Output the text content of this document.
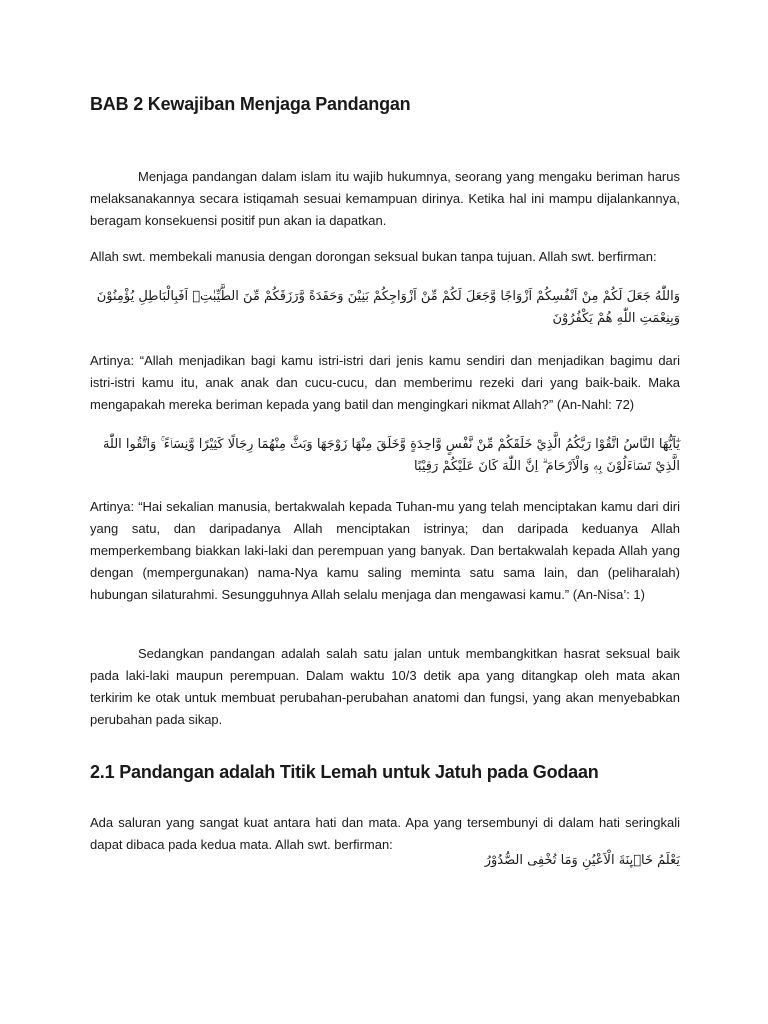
BAB 2 Kewajiban Menjaga Pandangan

Menjaga pandangan dalam islam itu wajib hukumnya, seorang yang mengaku beriman harus melaksanakannya secara istiqamah sesuai kemampuan dirinya. Ketika hal ini mampu dijalankannya, beragam konsekuensi positif pun akan ia dapatkan.

Allah swt. membekali manusia dengan dorongan seksual bukan tanpa tujuan. Allah swt. berfirman:

وَاللّٰهُ جَعَلَ لَكُمْ مِنْ اَنْفُسِكُمْ اَزْوَاجًا وَّجَعَلَ لَكُمْ مِّنْ اَزْوَاجِكُمْ بَنِيْنَ وَحَفَدَةً وَّرَزَقَكُمْ مِّنَ الطَّيِّبٰتِۗ اَفَبِالْبَاطِلِ يُؤْمِنُوْنَ وَبِنِعْمَتِ اللّٰهِ هُمْ يَكْفُرُوْنَ

Artinya: “Allah menjadikan bagi kamu istri-istri dari jenis kamu sendiri dan menjadikan bagimu dari istri-istri kamu itu, anak anak dan cucu-cucu, dan memberimu rezeki dari yang baik-baik. Maka mengapakah mereka beriman kepada yang batil dan mengingkari nikmat Allah?” (An-Nahl: 72)

يٰٓاَيُّهَا النَّاسُ اتَّقُوْا رَبَّكُمُ الَّذِيْ خَلَقَكُمْ مِّنْ نَّفْسٍ وَّاحِدَةٍ وَّخَلَقَ مِنْهَا زَوْجَهَا وَبَثَّ مِنْهُمَا رِجَالًا كَثِيْرًا وَّنِسَاۤءً ۚ وَاتَّقُوا اللّٰهَ الَّذِيْ تَسَاۤءَلُوْنَ بِهٖ وَالْاَرْحَامَ ۗ اِنَّ اللّٰهَ كَانَ عَلَيْكُمْ رَقِيْبًا

Artinya: “Hai sekalian manusia, bertakwalah kepada Tuhan-mu yang telah menciptakan kamu dari diri yang satu, dan daripadanya Allah menciptakan istrinya; dan daripada keduanya Allah memperkembang biakkan laki-laki dan perempuan yang banyak. Dan bertakwalah kepada Allah yang dengan (mempergunakan) nama-Nya kamu saling meminta satu sama lain, dan (peliharalah) hubungan silaturahmi. Sesungguhnya Allah selalu menjaga dan mengawasi kamu.” (An-Nisa’: 1)

Sedangkan pandangan adalah salah satu jalan untuk membangkitkan hasrat seksual baik pada laki-laki maupun perempuan. Dalam waktu 10/3 detik apa yang ditangkap oleh mata akan terkirim ke otak untuk membuat perubahan-perubahan anatomi dan fungsi, yang akan menyebabkan perubahan pada sikap.

2.1 Pandangan adalah Titik Lemah untuk Jatuh pada Godaan

Ada saluran yang sangat kuat antara hati dan mata. Apa yang tersembunyi di dalam hati seringkali dapat dibaca pada kedua mata. Allah swt. berfirman:

يَعْلَمُ خَاۤىِٕنَةَ الْاَعْيُنِ وَمَا تُخْفِى الصُّدُوْرُ
